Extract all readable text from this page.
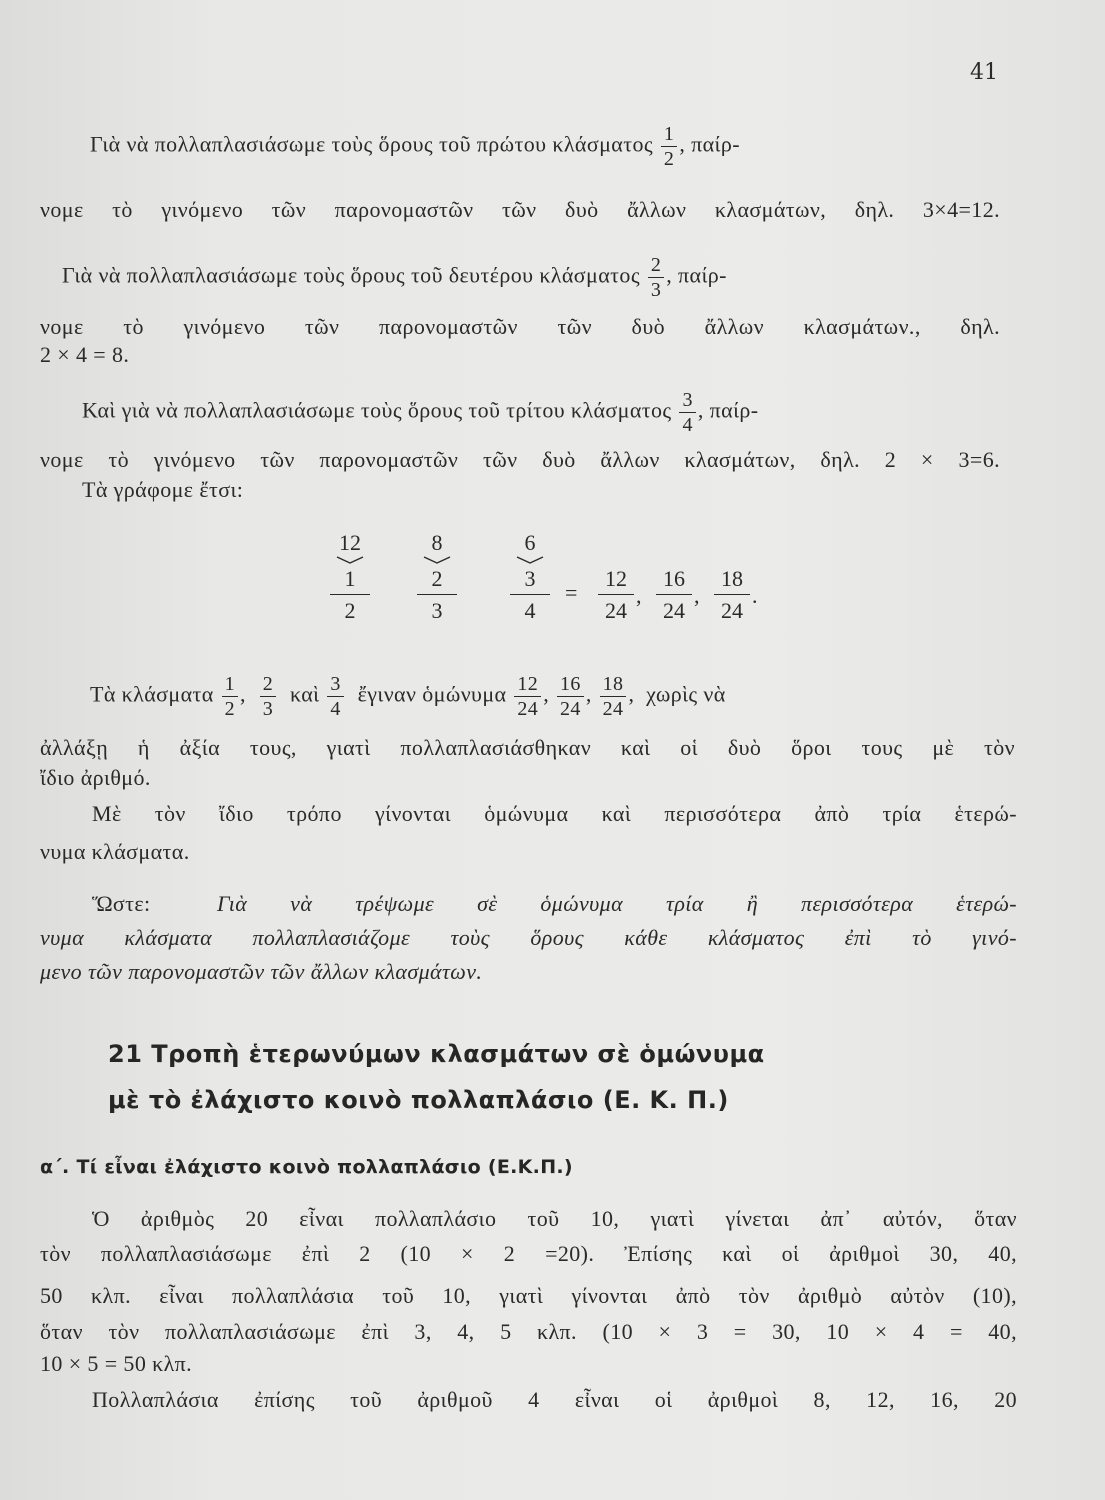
41
Γιὰ νὰ πολλαπλασιάσωμε τοὺς ὅρους τοῦ πρώτου κλάσματος $\frac{1}{2}$ , παίρ-
νομε τὸ γινόμενο τῶν παρονομαστῶν τῶν δυὸ ἄλλων κλασμάτων, δηλ. 3×4=12.
Γιὰ νὰ πολλαπλασιάσωμε τοὺς ὅρους τοῦ δευτέρου κλάσματος $\frac{2}{3}$ , παίρ-
νομε τὸ γινόμενο τῶν παρονομαστῶν τῶν δυὸ ἄλλων κλασμάτων., δηλ.
2 × 4 = 8.
Καὶ γιὰ νὰ πολλαπλασιάσωμε τοὺς ὅρους τοῦ τρίτου κλάσματος $\frac{3}{4}$ , παίρ-
νομε τὸ γινόμενο τῶν παρονομαστῶν τῶν δυὸ ἄλλων κλασμάτων, δηλ. 2 × 3=6.
Τὰ γράφομε ἔτσι:
12	8	6
1	2	3
2	3	4
=
12	16	18
24	24	24
, , .
Τὰ κλάσματα $\frac{1}{2}$ , $\frac{2}{3}$ καὶ $\frac{3}{4}$ ἔγιναν ὁμώνυμα $\frac{12}{24}$ , $\frac{16}{24}$ , $\frac{18}{24}$ , χωρὶς νὰ
ἀλλάξῃ ἡ ἀξία τους, γιατὶ πολλαπλασιάσθηκαν καὶ οἱ δυὸ ὅροι τους μὲ τὸν
ἴδιο ἀριθμό.
Μὲ τὸν ἴδιο τρόπο γίνονται ὁμώνυμα καὶ περισσότερα ἀπὸ τρία ἑτερώ-
νυμα κλάσματα.
Ὥστε:	Γιὰ νὰ τρέψωμε σὲ ὁμώνυμα τρία ἢ περισσότερα ἑτερώ-
νυμα κλάσματα πολλαπλασιάζομε τοὺς ὅρους κάθε κλάσματος ἐπὶ τὸ γινό-
μενο τῶν παρονομαστῶν τῶν ἄλλων κλασμάτων.
21 Τροπὴ ἑτερωνύμων κλασμάτων σὲ ὁμώνυμα
μὲ τὸ ἐλάχιστο κοινὸ πολλαπλάσιο (Ε. Κ. Π.)
α΄. Τί εἶναι ἐλάχιστο κοινὸ πολλαπλάσιο (Ε.Κ.Π.)
Ὁ ἀριθμὸς 20 εἶναι πολλαπλάσιο τοῦ 10, γιατὶ γίνεται ἀπ᾿ αὐτόν, ὅταν
τὸν πολλαπλασιάσωμε ἐπὶ 2 (10 × 2 =20). Ἐπίσης καὶ οἱ ἀριθμοὶ 30, 40,
50 κλπ. εἶναι πολλαπλάσια τοῦ 10, γιατὶ γίνονται ἀπὸ τὸν ἀριθμὸ αὐτὸν (10),
ὅταν τὸν πολλαπλασιάσωμε ἐπὶ 3, 4, 5 κλπ. (10 × 3 = 30, 10 × 4 = 40,
10 × 5 = 50 κλπ.
Πολλαπλάσια ἐπίσης τοῦ ἀριθμοῦ 4 εἶναι οἱ ἀριθμοὶ 8, 12, 16, 20
